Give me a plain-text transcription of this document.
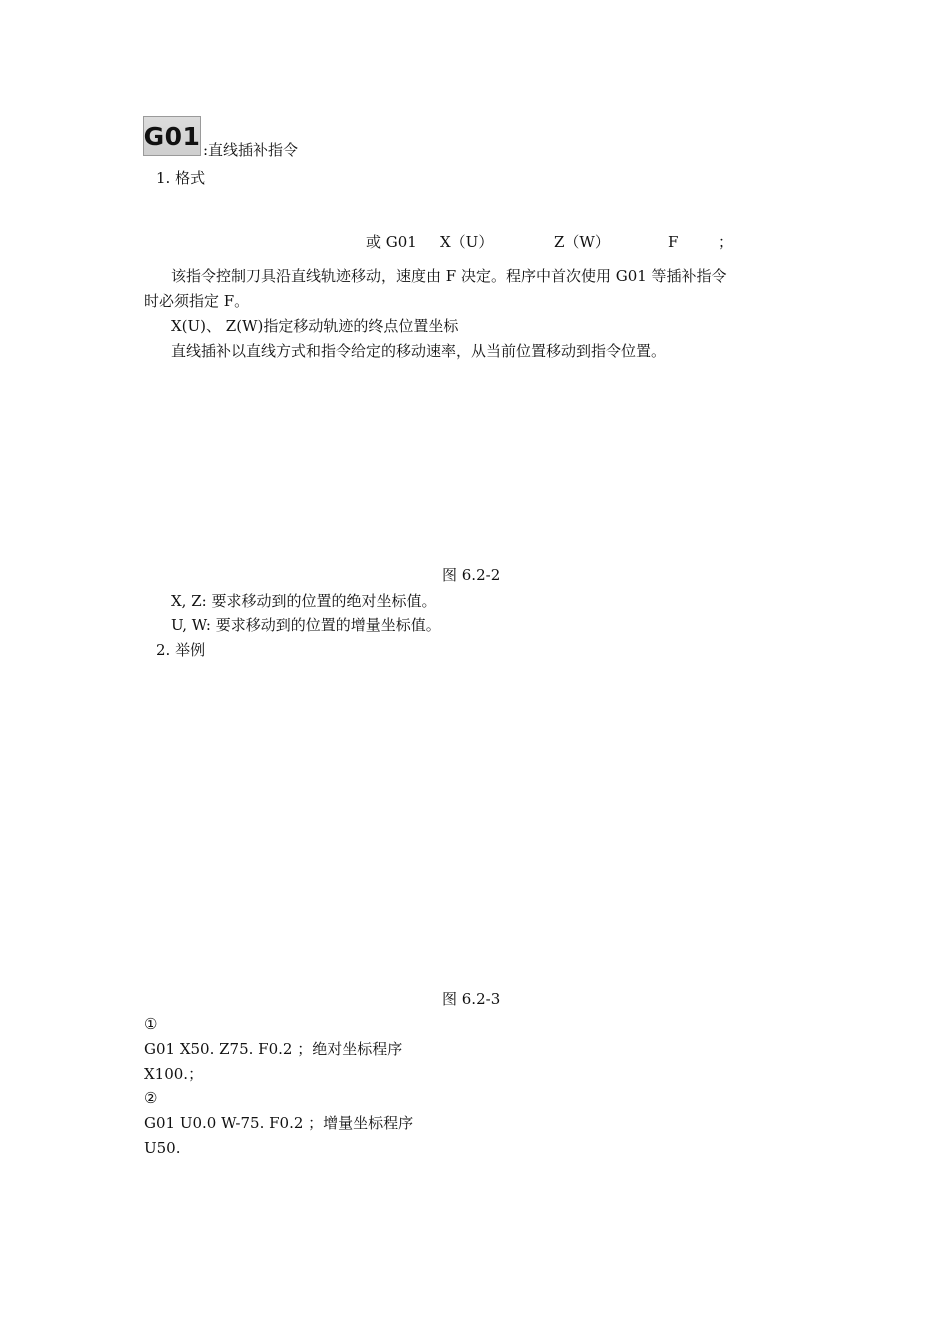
G01 :直线插补指令
1. 格式
或 G01 X（U）	Z（W）	F	；
该指令控制刀具沿直线轨迹移动，速度由 F 决定。程序中首次使用 G01 等插补指令
时必须指定 F。
X(U)、 Z(W)指定移动轨迹的终点位置坐标
直线插补以直线方式和指令给定的移动速率，从当前位置移动到指令位置。
图 6.2-2
X, Z: 要求移动到的位置的绝对坐标值。
U, W: 要求移动到的位置的增量坐标值。
2. 举例
图 6.2-3
①
G01 X50. Z75. F0.2 ；绝对坐标程序
X100.；
②
G01 U0.0 W-75. F0.2 ；增量坐标程序
U50.
